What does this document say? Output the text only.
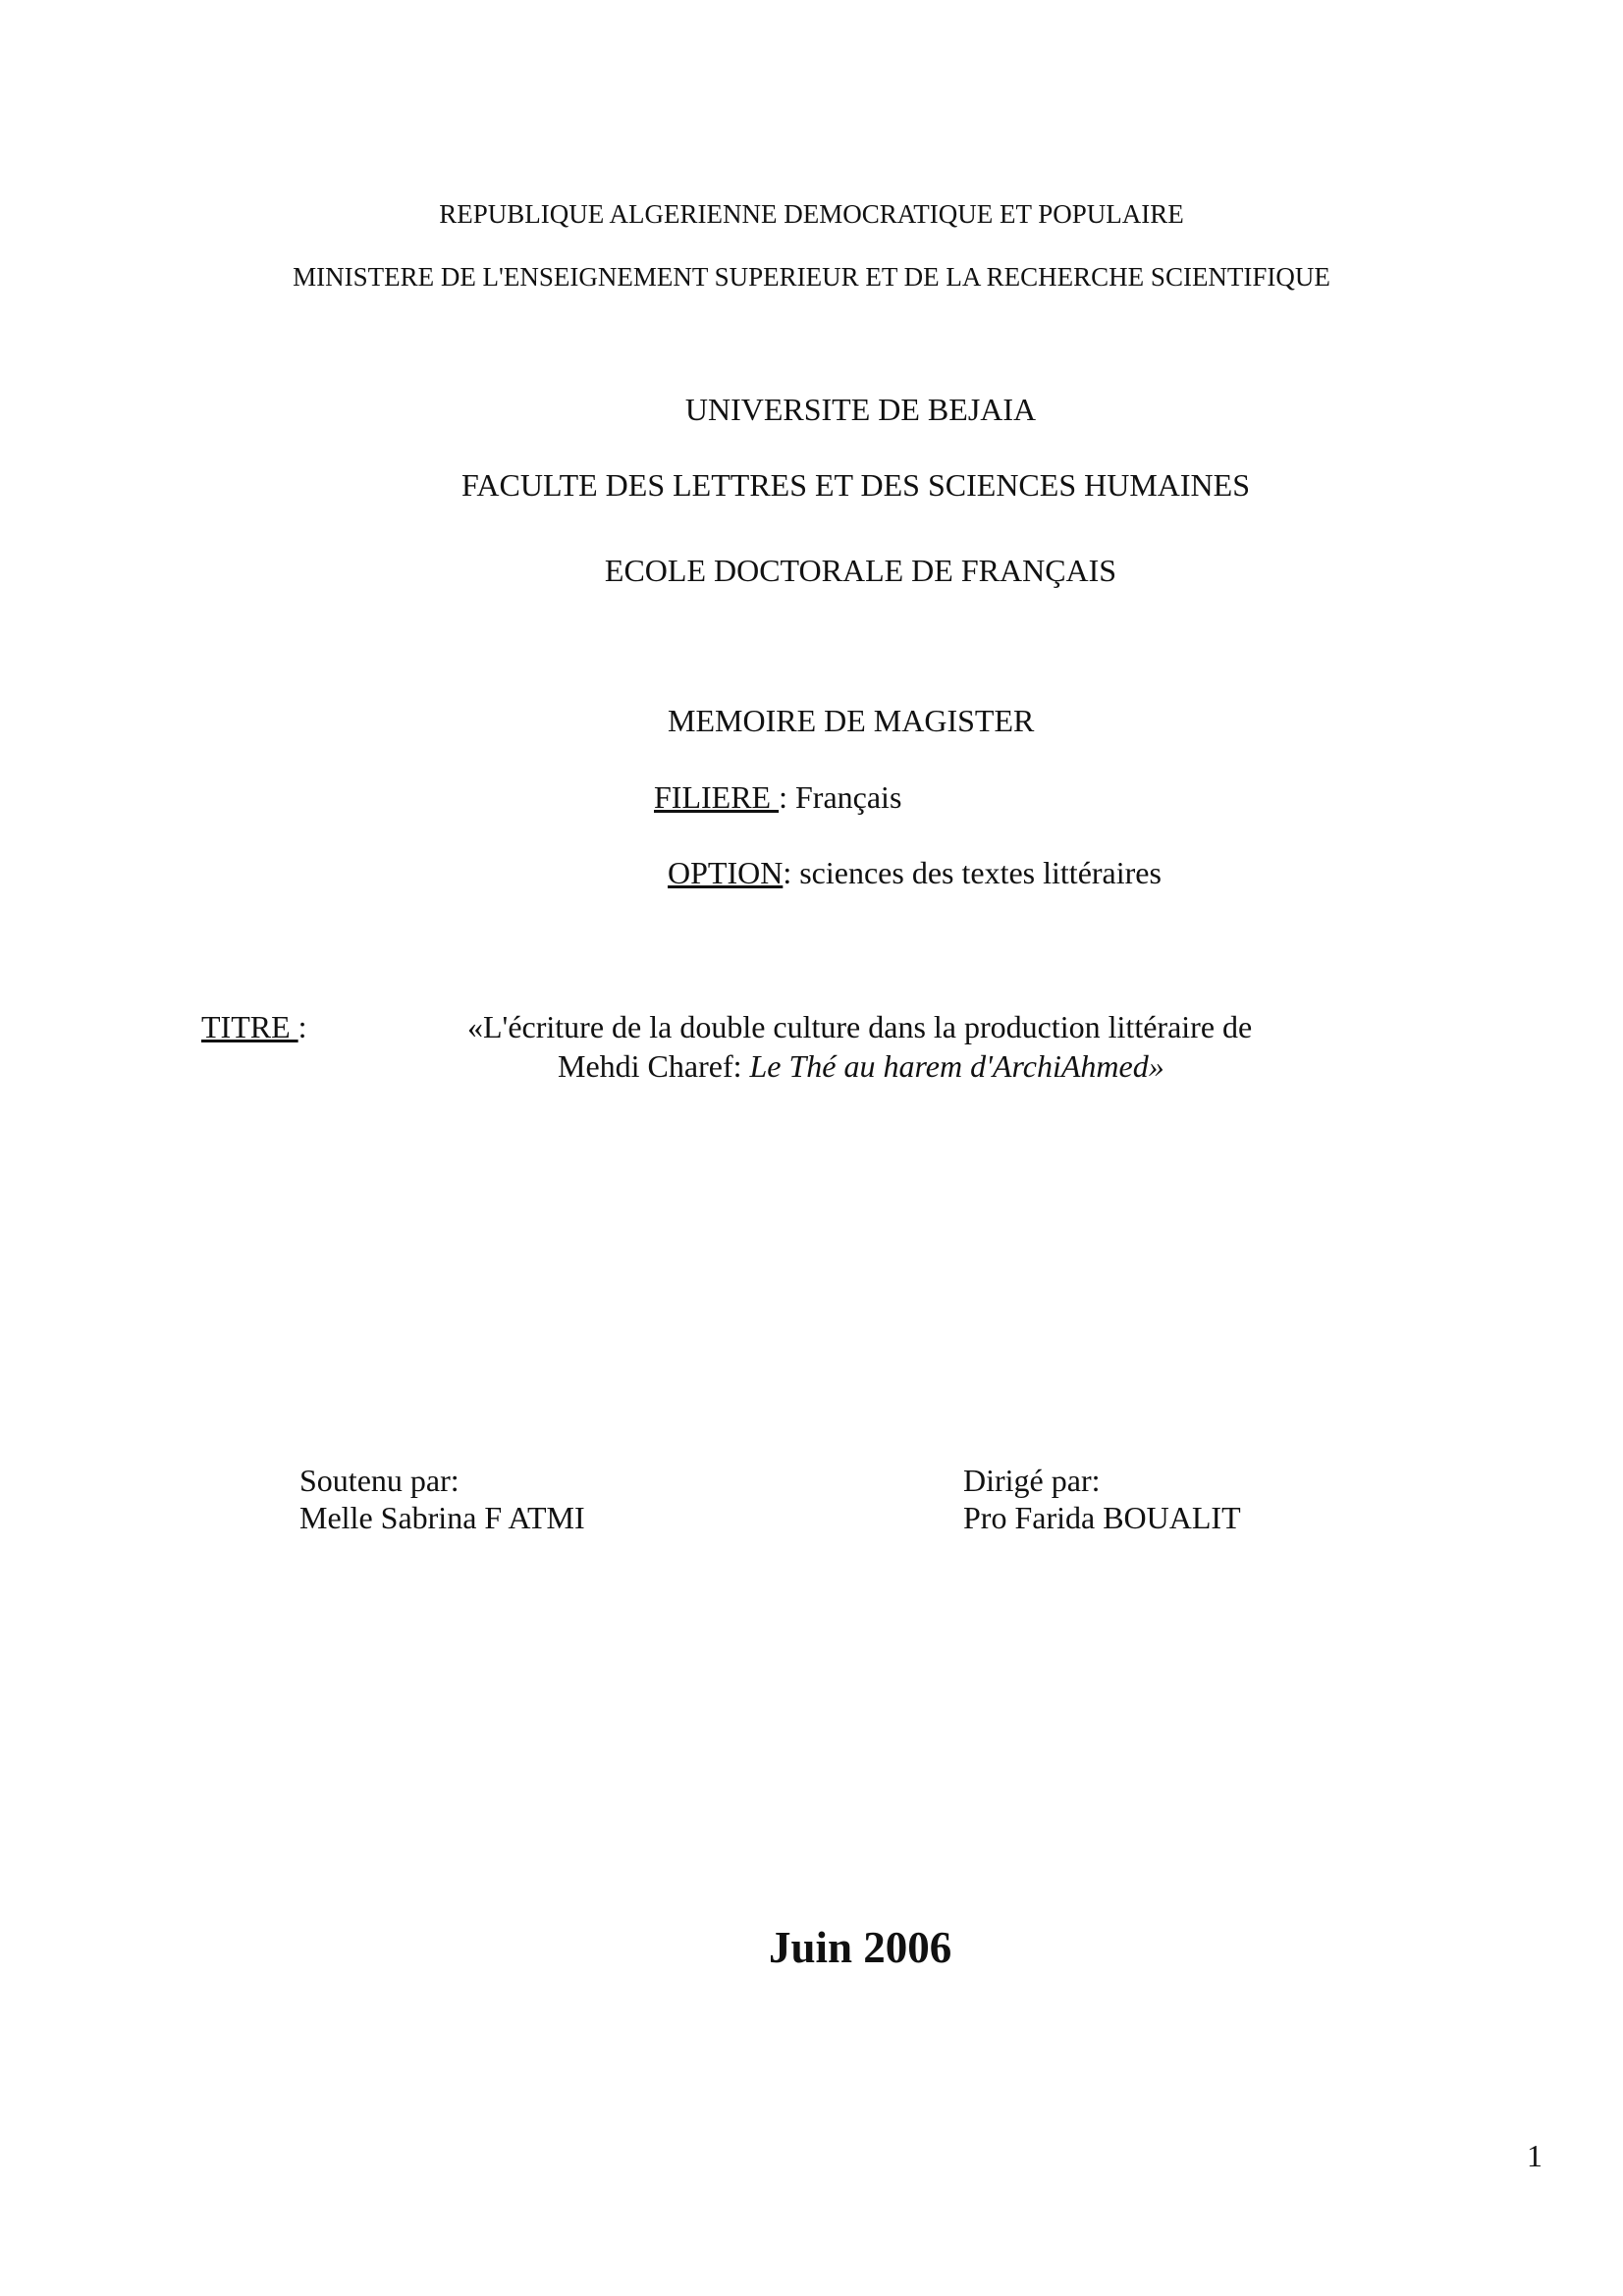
REPUBLIQUE ALGERIENNE DEMOCRATIQUE ET POPULAIRE
MINISTERE DE L'ENSEIGNEMENT SUPERIEUR ET DE LA RECHERCHE SCIENTIFIQUE
UNIVERSITE DE BEJAIA
FACULTE DES LETTRES ET DES SCIENCES HUMAINES
ECOLE DOCTORALE DE FRANÇAIS
MEMOIRE DE MAGISTER
FILIERE : Français
OPTION: sciences des textes littéraires
TITRE :	«L'écriture de la double culture dans la production littéraire de
Mehdi Charef: Le Thé au harem d'ArchiAhmed»
Soutenu par:
Melle Sabrina F ATMI
Dirigé par:
Pro Farida BOUALIT
Juin 2006
1
